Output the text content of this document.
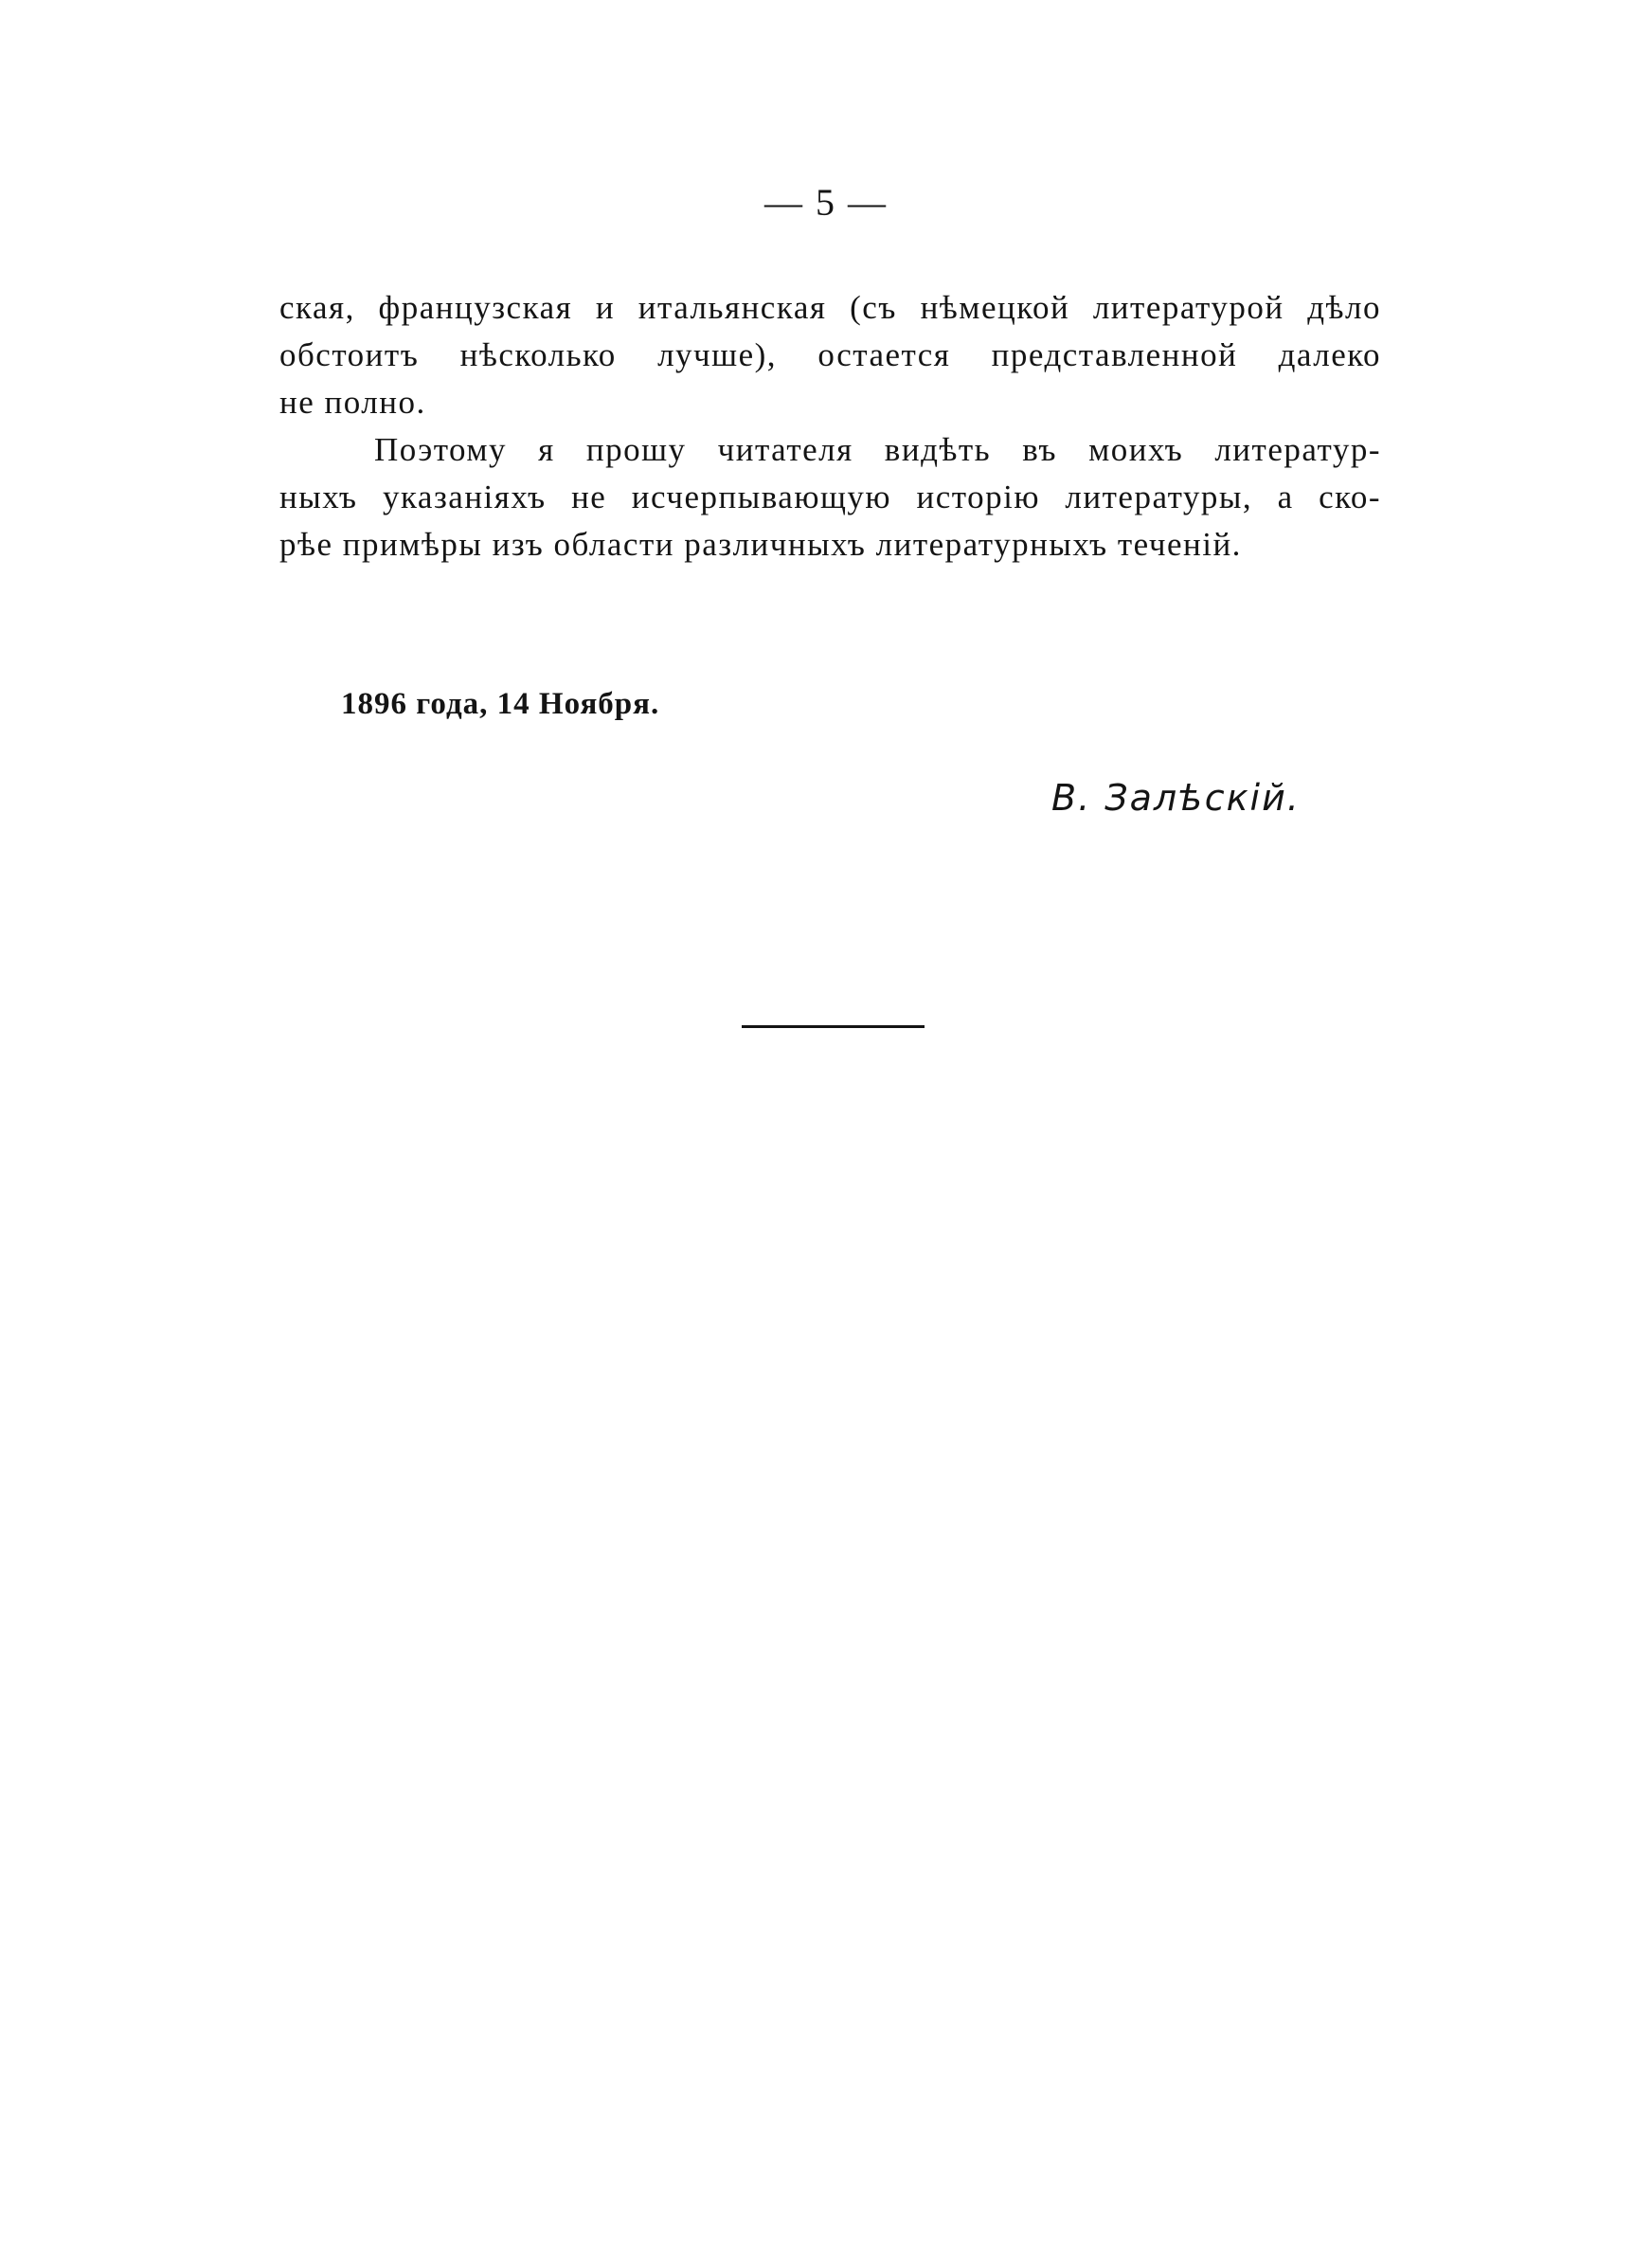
— 5 —
ская, французская и итальянская (съ нѣмецкой литературой дѣло
обстоитъ нѣсколько лучше), остается представленной далеко
не полно.
Поэтому я прошу читателя видѣть въ моихъ литератур-
ныхъ указаніяхъ не исчерпывающую исторію литературы, а ско-
рѣе примѣры изъ области различныхъ литературныхъ теченій.
1896 года, 14 Ноября.
В. Залѣскій.
